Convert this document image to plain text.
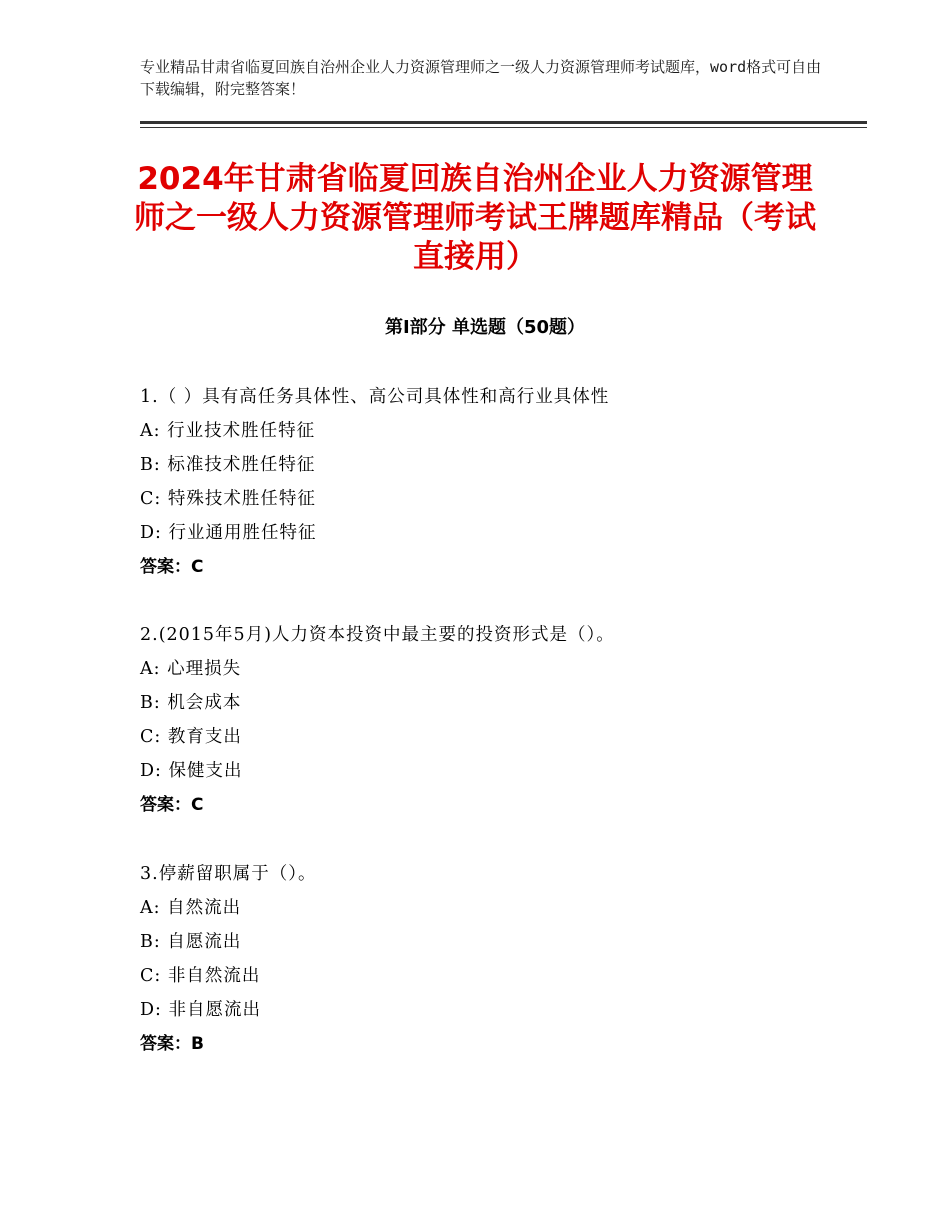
专业精品甘肃省临夏回族自治州企业人力资源管理师之一级人力资源管理师考试题库，word格式可自由下载编辑，附完整答案！
2024年甘肃省临夏回族自治州企业人力资源管理师之一级人力资源管理师考试王牌题库精品（考试直接用）
第Ⅰ部分 单选题（50题）
1.（ ）具有高任务具体性、高公司具体性和高行业具体性
A: 行业技术胜任特征
B: 标准技术胜任特征
C: 特殊技术胜任特征
D: 行业通用胜任特征
答案：C
2.(2015年5月)人力资本投资中最主要的投资形式是（）。
A: 心理损失
B: 机会成本
C: 教育支出
D: 保健支出
答案：C
3.停薪留职属于（）。
A: 自然流出
B: 自愿流出
C: 非自然流出
D: 非自愿流出
答案：B
